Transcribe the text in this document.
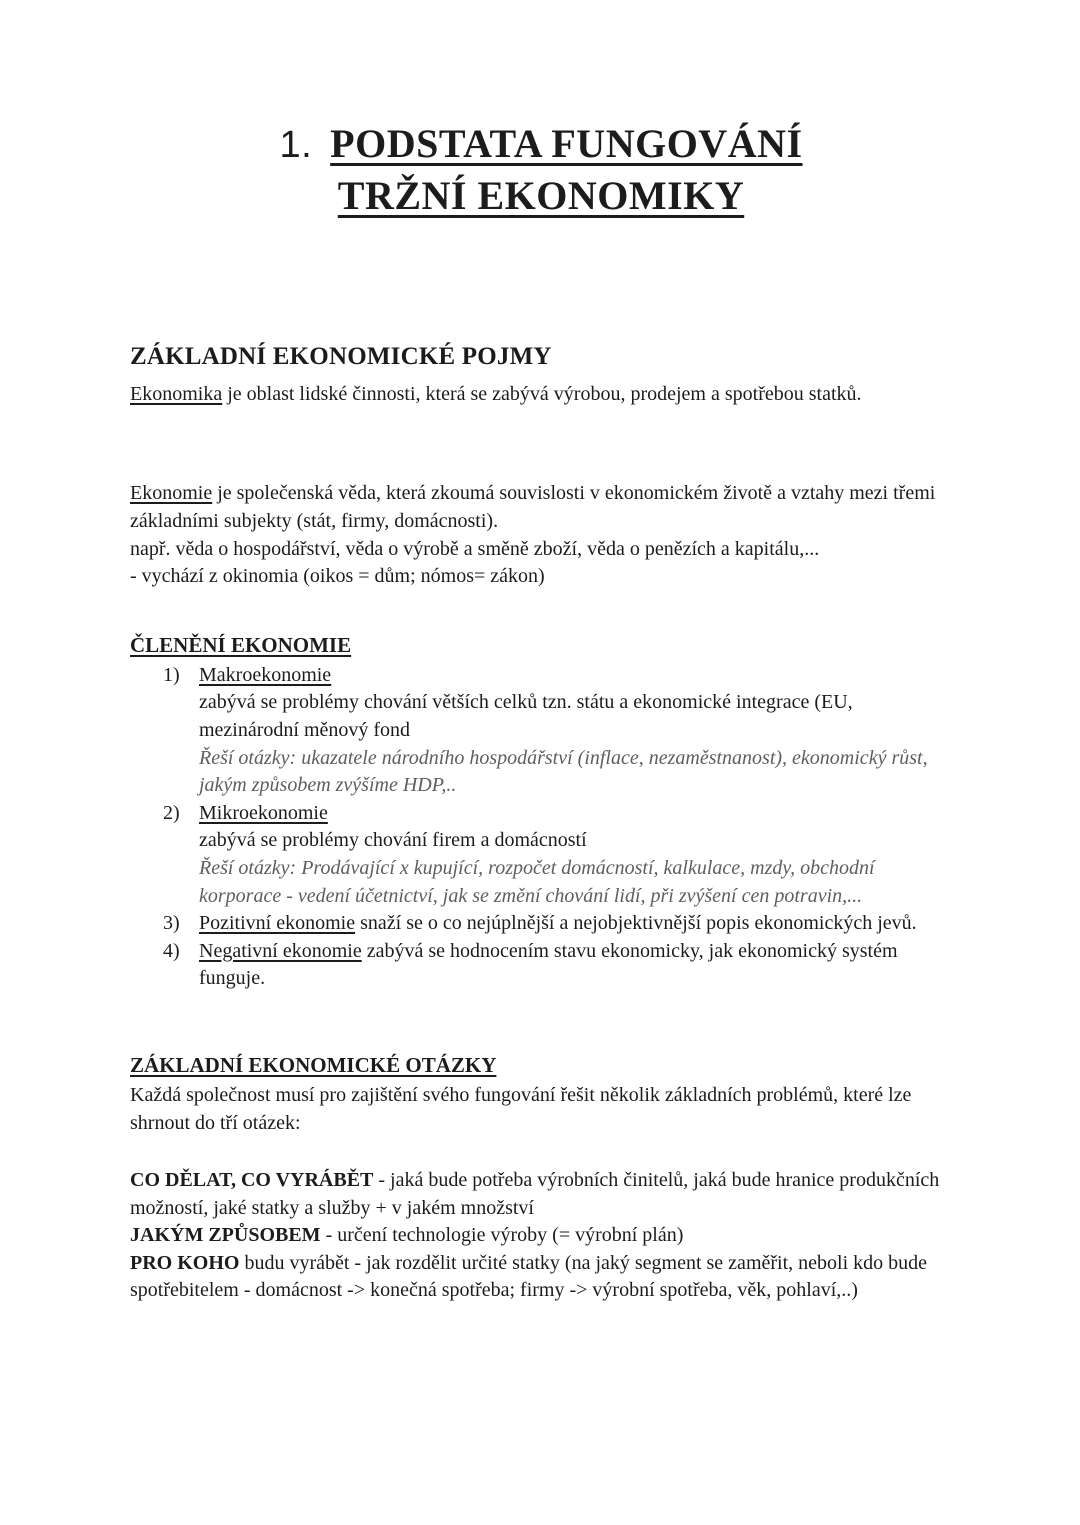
1. PODSTATA FUNGOVÁNÍ
TRŽNÍ EKONOMIKY
ZÁKLADNÍ EKONOMICKÉ POJMY

Ekonomika je oblast lidské činnosti, která se zabývá výrobou, prodejem a spotřebou statků.

Ekonomie je společenská věda, která zkoumá souvislosti v ekonomickém životě a vztahy mezi třemi základními subjekty (stát, firmy, domácnosti).

např. věda o hospodářství, věda o výrobě a směně zboží, věda o penězích a kapitálu,...

- vychází z okinomia (oikos = dům; nómos= zákon)

ČLENĚNÍ EKONOMIE
1) Makroekonomie
zabývá se problémy chování větších celků tzn. státu a ekonomické integrace (EU, mezinárodní měnový fond
Řeší otázky: ukazatele národního hospodářství (inflace, nezaměstnanost), ekonomický růst, jakým způsobem zvýšíme HDP,..
2) Mikroekonomie
zabývá se problémy chování firem a domácností
Řeší otázky: Prodávající x kupující, rozpočet domácností, kalkulace, mzdy, obchodní korporace - vedení účetnictví, jak se změní chování lidí, při zvýšení cen potravin,...
3) Pozitivní ekonomie snaží se o co nejúplnější a nejobjektivnější popis ekonomických jevů.
4) Negativní ekonomie zabývá se hodnocením stavu ekonomicky, jak ekonomický systém funguje.
ZÁKLADNÍ EKONOMICKÉ OTÁZKY

Každá společnost musí pro zajištění svého fungování řešit několik základních problémů, které lze shrnout do tří otázek:

CO DĚLAT, CO VYRÁBĚT - jaká bude potřeba výrobních činitelů, jaká bude hranice produkčních možností, jaké statky a služby + v jakém množství

JAKÝM ZPŮSOBEM - určení technologie výroby (= výrobní plán)

PRO KOHO budu vyrábět - jak rozdělit určité statky (na jaký segment se zaměřit, neboli kdo bude spotřebitelem - domácnost -> konečná spotřeba; firmy -> výrobní spotřeba, věk, pohlaví,..)
